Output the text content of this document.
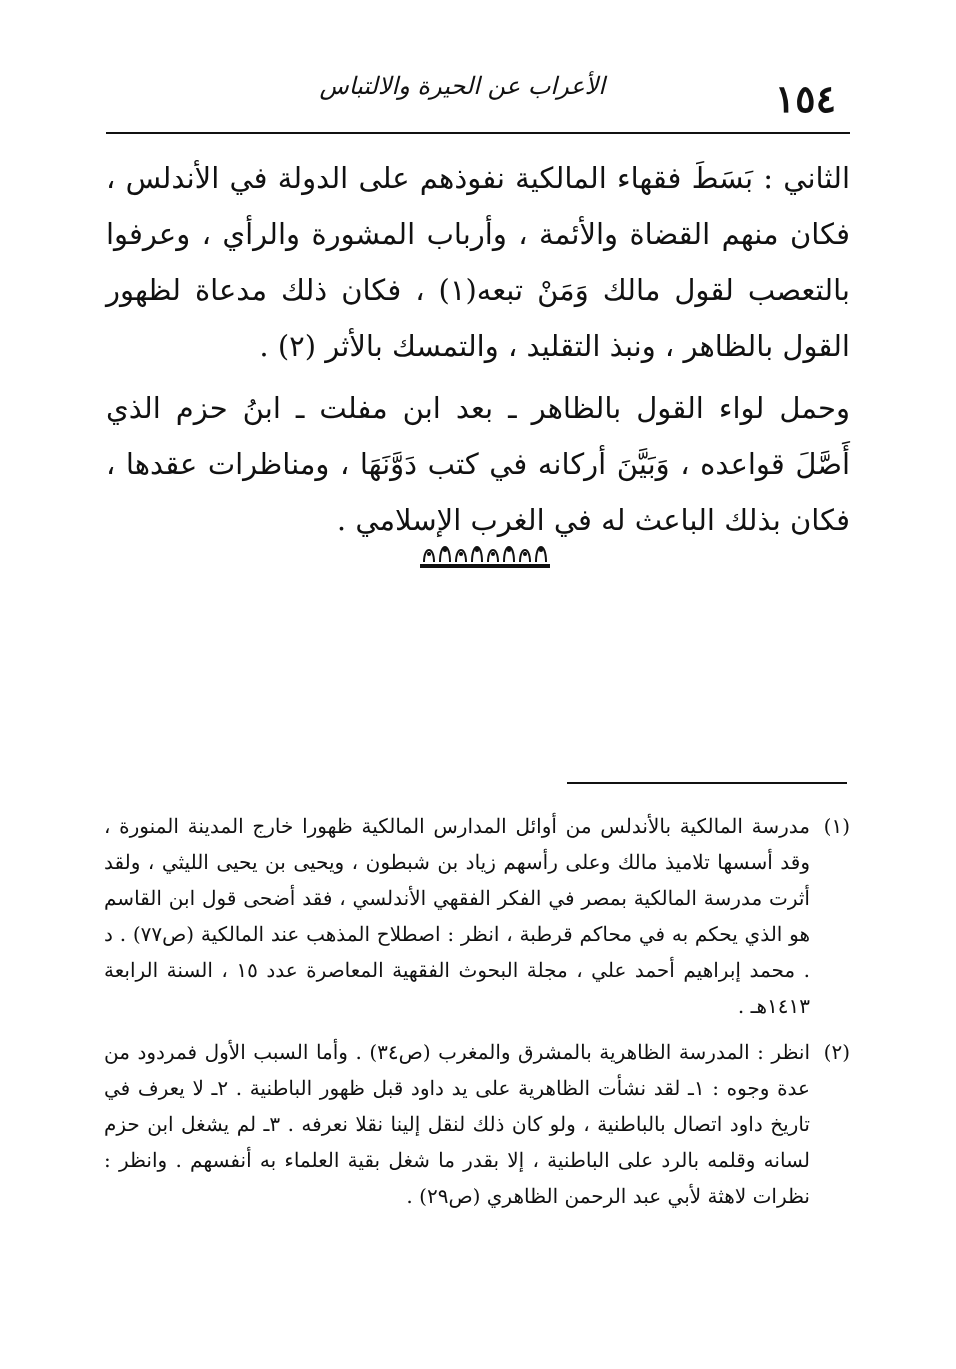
١٥٤
الأعراب عن الحيرة والالتباس

الثاني : بَسَطَ فقهاء المالكية نفوذهم على الدولة في الأندلس ، فكان منهم القضاة والأئمة ، وأرباب المشورة والرأي ، وعرفوا بالتعصب لقول مالك وَمَنْ تبعه(١) ، فكان ذلك مدعاة لظهور القول بالظاهر ، ونبذ التقليد ، والتمسك بالأثر (٢) .

وحمل لواء القول بالظاهر ـ بعد ابن مفلت ـ ابنُ حزم الذي أَصَّلَ قواعده ، وَبَيَّنَ أركانه في كتب دَوَّنَهَا ، ومناظرات عقدها ، فكان بذلك الباعث له في الغرب الإسلامي .

(١)
مدرسة المالكية بالأندلس من أوائل المدارس المالكية ظهورا خارج المدينة المنورة ، وقد أسسها تلاميذ مالك وعلى رأسهم زياد بن شبطون ، ويحيى بن يحيى الليثي ، ولقد أثرت مدرسة المالكية بمصر في الفكر الفقهي الأندلسي ، فقد أضحى قول ابن القاسم هو الذي يحكم به في محاكم قرطبة ، انظر : اصطلاح المذهب عند المالكية (ص٧٧) . د . محمد إبراهيم أحمد علي ، مجلة البحوث الفقهية المعاصرة عدد ١٥ ، السنة الرابعة ١٤١٣هـ .
(٢)
انظر : المدرسة الظاهرية بالمشرق والمغرب (ص٣٤) . وأما السبب الأول فمردود من عدة وجوه : ١ـ لقد نشأت الظاهرية على يد داود قبل ظهور الباطنية . ٢ـ لا يعرف في تاريخ داود اتصال بالباطنية ، ولو كان ذلك لنقل إلينا نقلا نعرفه . ٣ـ لم يشغل ابن حزم لسانه وقلمه بالرد على الباطنية ، إلا بقدر ما شغل بقية العلماء به أنفسهم . وانظر : نظرات لاهثة لأبي عبد الرحمن الظاهري (ص٢٩) .
